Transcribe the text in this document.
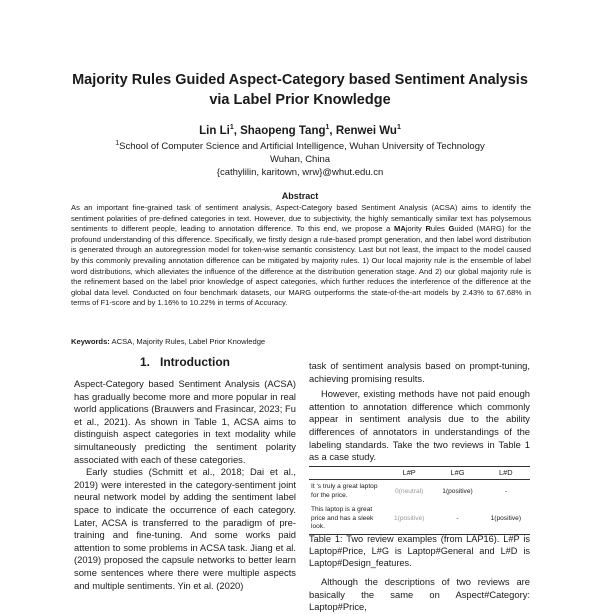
Majority Rules Guided Aspect-Category based Sentiment Analysis
via Label Prior Knowledge
Lin Li$^1$, Shaopeng Tang$^1$, Renwei Wu$^1$
$^1$School of Computer Science and Artificial Intelligence, Wuhan University of Technology
Wuhan, China
{cathylilin, karitown, wrw}@whut.edu.cn
Abstract

As an important fine-grained task of sentiment analysis, Aspect-Category based Sentiment Analysis (ACSA) aims to identify the sentiment polarities of pre-defined categories in text. However, due to subjectivity, the highly semantically similar text has polysemous sentiments to different people, leading to annotation difference. To this end, we propose a MAjority Rules Guided (MARG) for the profound understanding of this difference. Specifically, we firstly design a rule-based prompt generation, and then label word distribution is generated through an autoregression model for token-wise semantic consistency. Last but not least, the impact to the model caused by this commonly prevailing annotation difference can be mitigated by majority rules. 1) Our local majority rule is the ensemble of label word distributions, which alleviates the influence of the difference at the distribution generation stage. And 2) our global majority rule is the refinement based on the label prior knowledge of aspect categories, which further reduces the interference of the difference at the global data level. Conducted on four benchmark datasets, our MARG outperforms the state-of-the-art models by 2.43% to 67.68% in terms of F1-score and by 1.16% to 10.22% in terms of Accuracy.

Keywords: ACSA, Majority Rules, Label Prior Knowledge
1. Introduction

Aspect-Category based Sentiment Analysis (ACSA) has gradually become more and more popular in real world applications (Brauwers and Frasincar, 2023; Fu et al., 2021). As shown in Table 1, ACSA aims to distinguish aspect categories in text modality while simultaneously predicting the sentiment polarity associated with each of these categories.

Early studies (Schmitt et al., 2018; Dai et al., 2019) were interested in the category-sentiment joint neural network model by adding the sentiment label space to indicate the occurrence of each category. Later, ACSA is transferred to the paradigm of pre-training and fine-tuning. And some works paid attention to some problems in ACSA task. Jiang et al. (2019) proposed the capsule networks to better learn some sentences where there were multiple aspects and multiple sentiments. Yin et al. (2020)

task of sentiment analysis based on prompt-tuning, achieving promising results.

However, existing methods have not paid enough attention to annotation difference which commonly appear in sentiment analysis due to the ability differences of annotators in understandings of the labeling standards. Take the two reviews in Table 1 as a case study.

	L#P	L#G	L#D
It 's truly a great laptop for the price.	0(neutral)	1(positive)	-
This laptop is a great price and has a sleek look.	1(positive)	-	1(positive)
Table 1: Two review examples (from LAP16). L#P is Laptop#Price, L#G is Laptop#General and L#D is Laptop#Design_features.
Although the descriptions of two reviews are basically the same on Aspect#Category: Laptop#Price,
